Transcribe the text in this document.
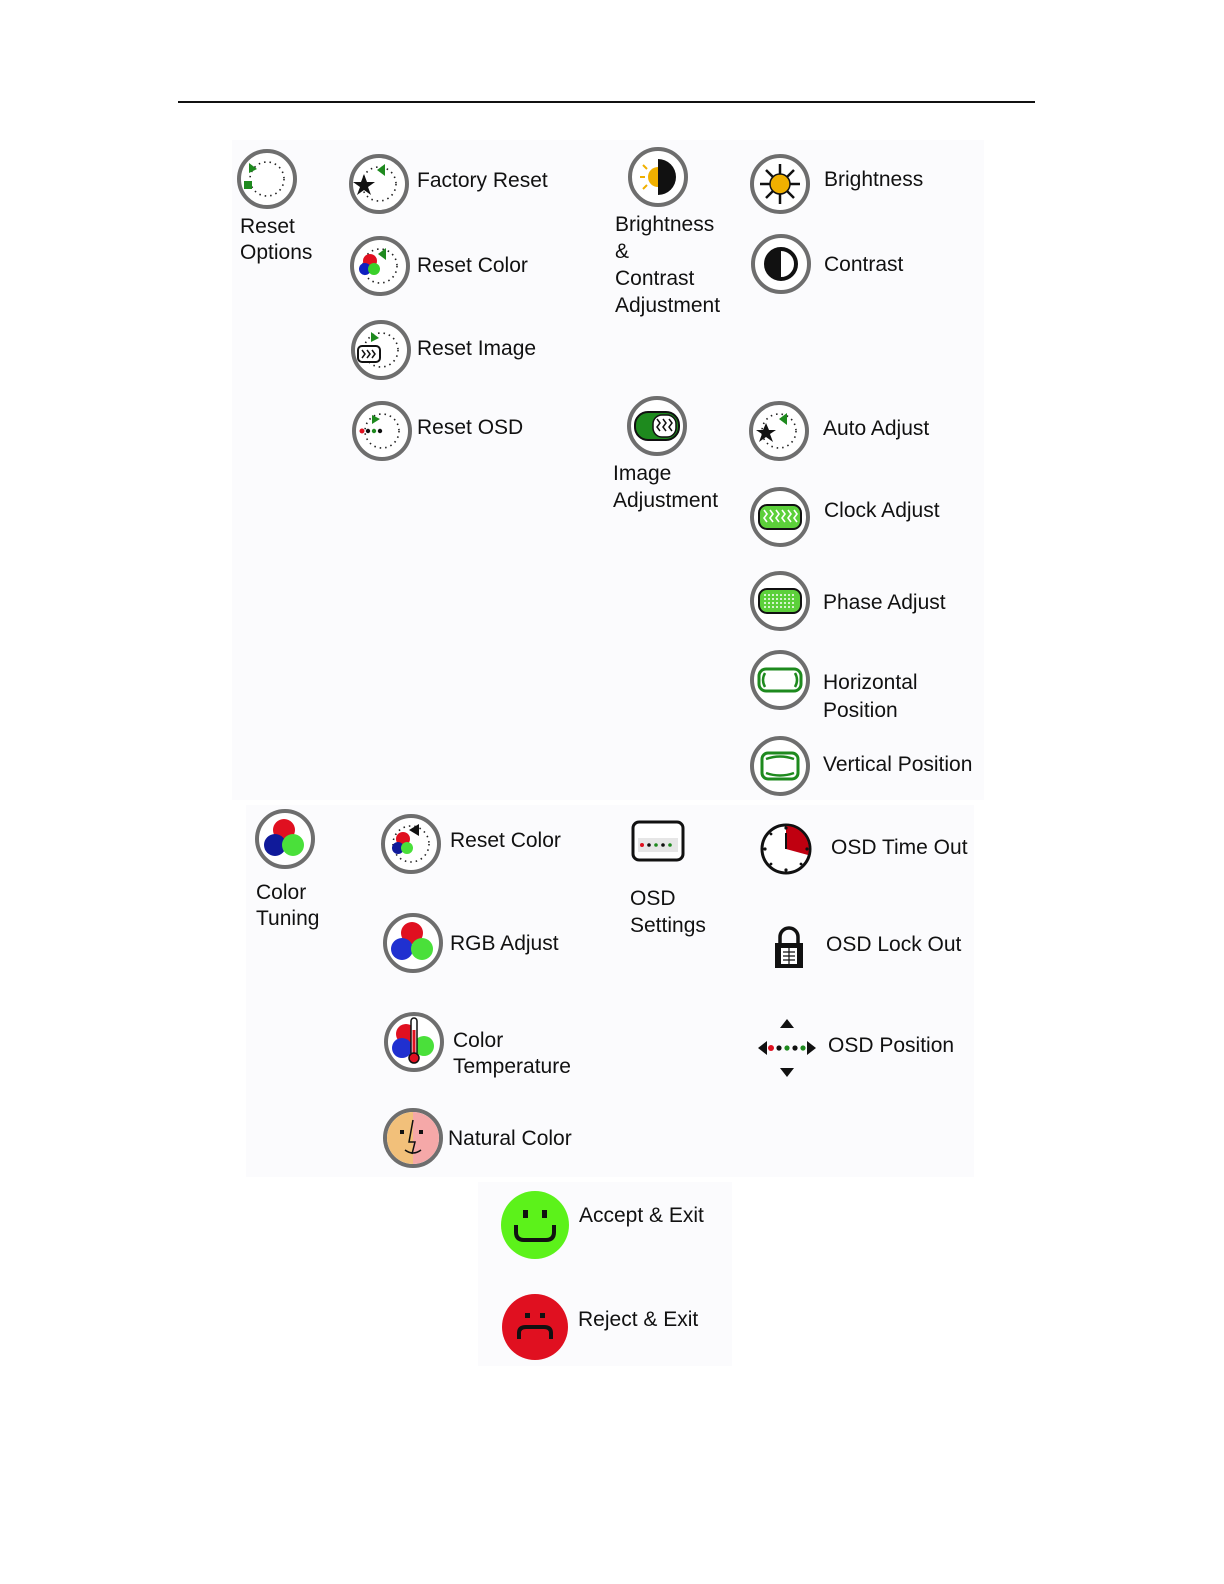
Reset
Options
Factory Reset
Reset Color
Reset Image
Reset OSD
Brightness &
Contrast
Adjustment
Brightness
Contrast
Image
Adjustment
Auto Adjust
Clock Adjust
Phase Adjust
Horizontal
Position
Vertical Position
Color
Tuning
Reset Color
RGB Adjust
Color
Temperature
Natural Color
OSD
Settings
OSD Time Out
OSD Lock Out
OSD Position
Accept & Exit
Reject & Exit
